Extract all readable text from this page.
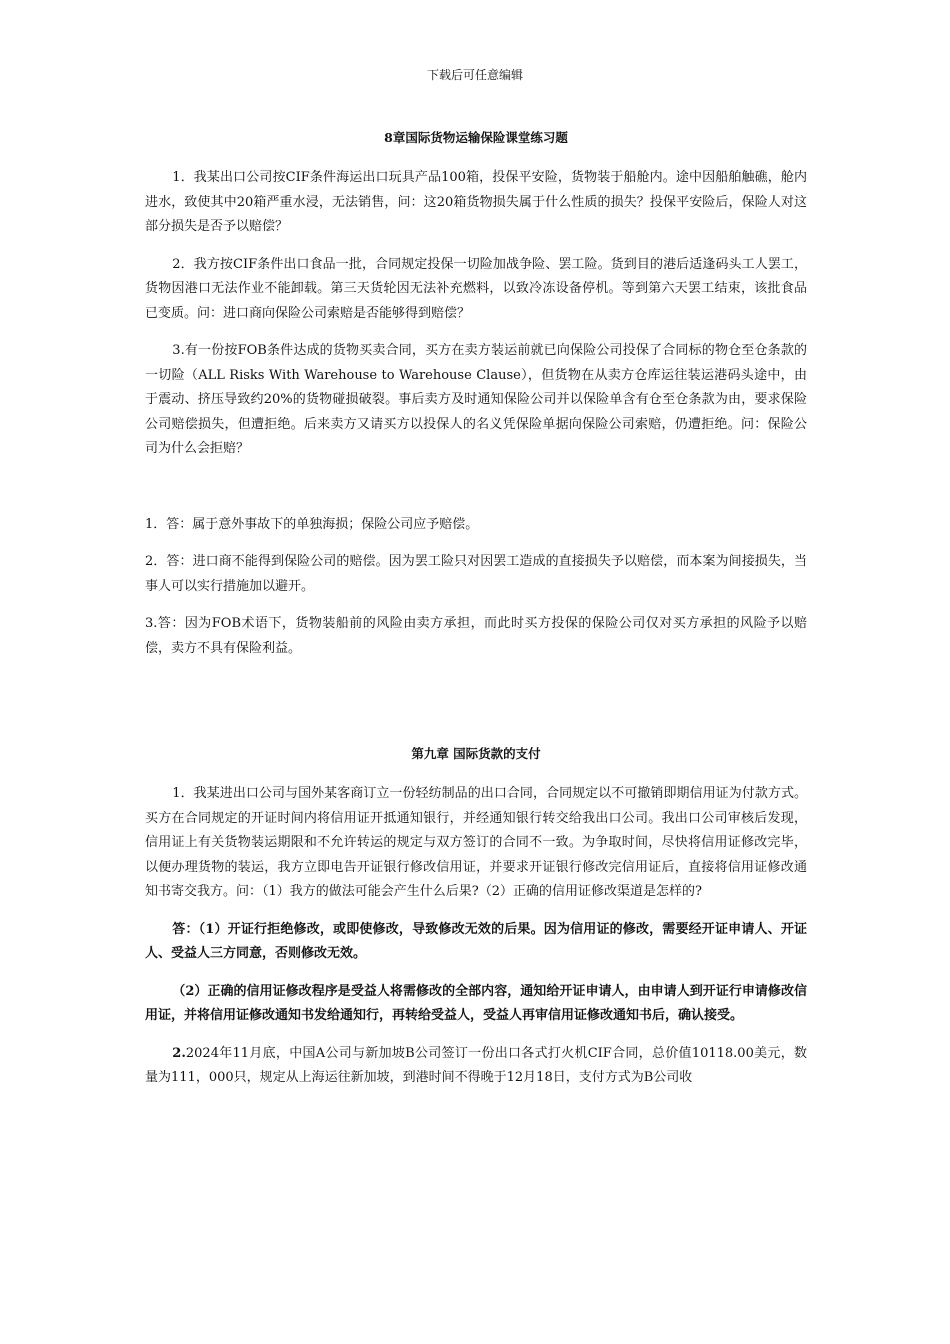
下载后可任意编辑
8章国际货物运输保险课堂练习题

1．我某出口公司按CIF条件海运出口玩具产品100箱，投保平安险，货物装于船舱内。途中因船舶触礁，舱内进水，致使其中20箱严重水浸，无法销售，问：这20箱货物损失属于什么性质的损失？投保平安险后，保险人对这部分损失是否予以赔偿？

2．我方按CIF条件出口食品一批，合同规定投保一切险加战争险、罢工险。货到目的港后适逢码头工人罢工，货物因港口无法作业不能卸载。第三天货轮因无法补充燃料，以致冷冻设备停机。等到第六天罢工结束，该批食品已变质。问：进口商向保险公司索赔是否能够得到赔偿？

3.有一份按FOB条件达成的货物买卖合同，买方在卖方装运前就已向保险公司投保了合同标的物仓至仓条款的一切险（ALL Risks With Warehouse to Warehouse Clause），但货物在从卖方仓库运往装运港码头途中，由于震动、挤压导致约20%的货物碰损破裂。事后卖方及时通知保险公司并以保险单含有仓至仓条款为由，要求保险公司赔偿损失，但遭拒绝。后来卖方又请买方以投保人的名义凭保险单据向保险公司索赔，仍遭拒绝。问：保险公司为什么会拒赔？

1．答：属于意外事故下的单独海损；保险公司应予赔偿。

2．答：进口商不能得到保险公司的赔偿。因为罢工险只对因罢工造成的直接损失予以赔偿，而本案为间接损失，当事人可以实行措施加以避开。

3.答：因为FOB术语下，货物装船前的风险由卖方承担，而此时买方投保的保险公司仅对买方承担的风险予以赔偿，卖方不具有保险利益。

第九章 国际货款的支付

1．我某进出口公司与国外某客商订立一份轻纺制品的出口合同，合同规定以不可撤销即期信用证为付款方式。买方在合同规定的开证时间内将信用证开抵通知银行，并经通知银行转交给我出口公司。我出口公司审核后发现，信用证上有关货物装运期限和不允许转运的规定与双方签订的合同不一致。为争取时间，尽快将信用证修改完毕，以便办理货物的装运，我方立即电告开证银行修改信用证，并要求开证银行修改完信用证后，直接将信用证修改通知书寄交我方。问：（1）我方的做法可能会产生什么后果?（2）正确的信用证修改渠道是怎样的?

答：（1）开证行拒绝修改，或即使修改，导致修改无效的后果。因为信用证的修改，需要经开证申请人、开证人、受益人三方同意，否则修改无效。

（2）正确的信用证修改程序是受益人将需修改的全部内容，通知给开证申请人，由申请人到开证行申请修改信用证，并将信用证修改通知书发给通知行，再转给受益人，受益人再审信用证修改通知书后，确认接受。

2.2024年11月底，中国A公司与新加坡B公司签订一份出口各式打火机CIF合同，总价值10118.00美元，数量为111，000只，规定从上海运往新加坡，到港时间不得晚于12月18日，支付方式为B公司收
